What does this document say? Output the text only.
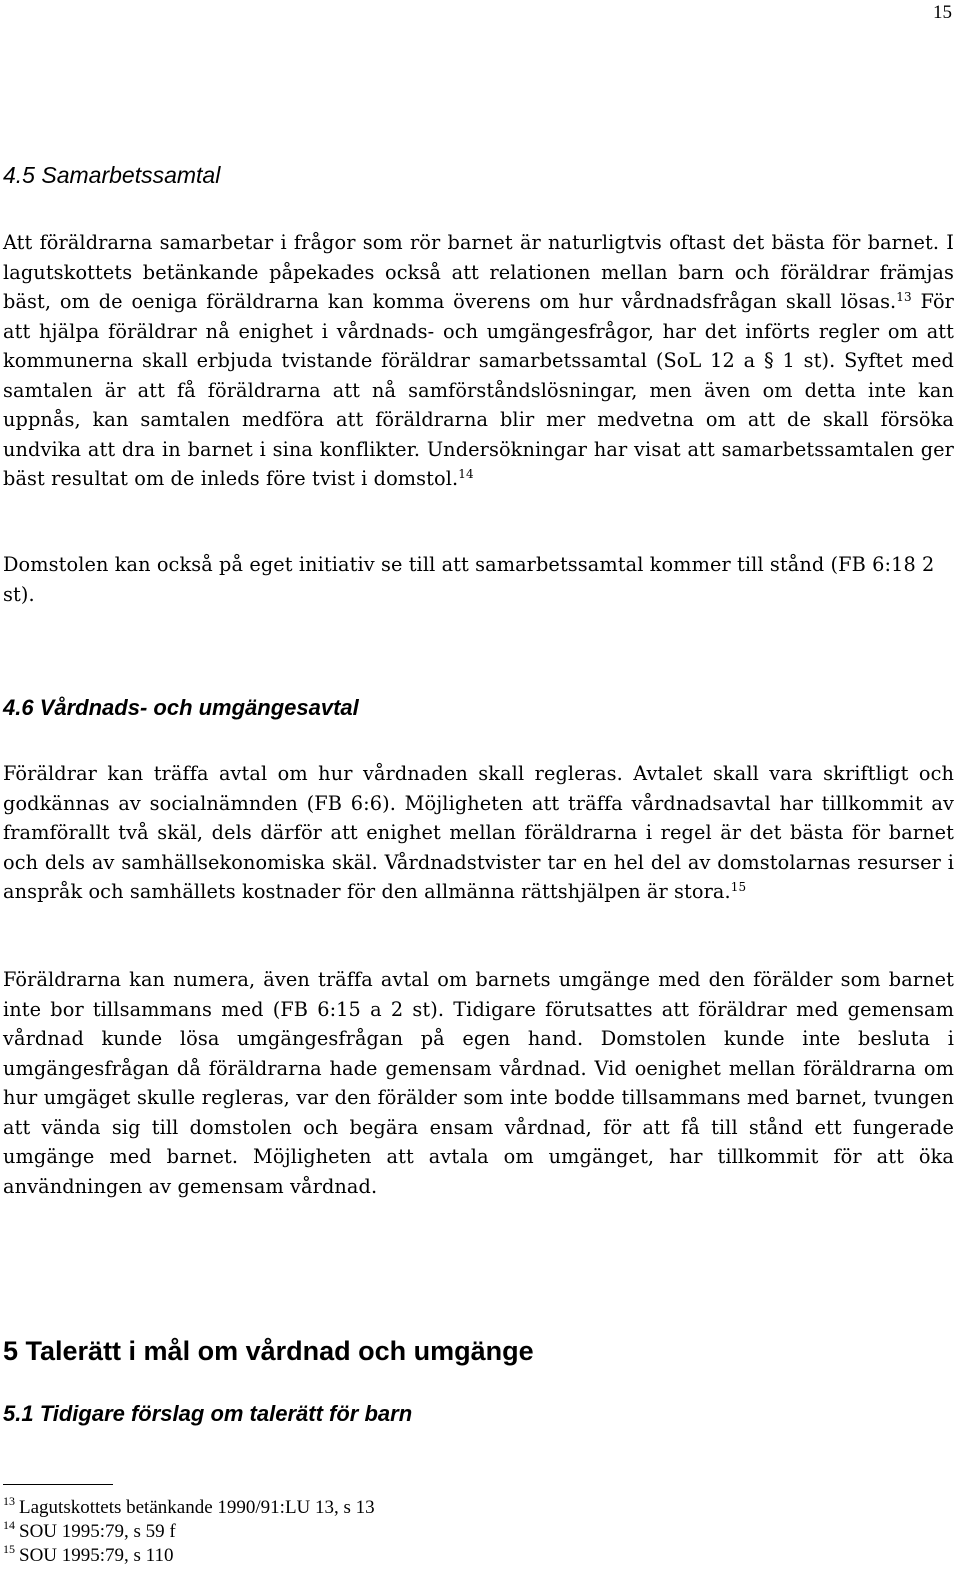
15
4.5 Samarbetssamtal

Att föräldrarna samarbetar i frågor som rör barnet är naturligtvis oftast det bästa för barnet. I lagutskottets betänkande påpekades också att relationen mellan barn och föräldrar främjas bäst, om de oeniga föräldrarna kan komma överens om hur vårdnadsfrågan skall lösas.$^{13}$ För att hjälpa föräldrar nå enighet i vårdnads- och umgängesfrågor, har det införts regler om att kommunerna skall erbjuda tvistande föräldrar samarbetssamtal (SoL 12 a § 1 st). Syftet med samtalen är att få föräldrarna att nå samförståndslösningar, men även om detta inte kan uppnås, kan samtalen medföra att föräldrarna blir mer medvetna om att de skall försöka undvika att dra in barnet i sina konflikter. Undersökningar har visat att samarbetssamtalen ger bäst resultat om de inleds före tvist i domstol.$^{14}$

Domstolen kan också på eget initiativ se till att samarbetssamtal kommer till stånd (FB 6:18 2 st).

4.6 Vårdnads- och umgängesavtal

Föräldrar kan träffa avtal om hur vårdnaden skall regleras. Avtalet skall vara skriftligt och godkännas av socialnämnden (FB 6:6). Möjligheten att träffa vårdnadsavtal har tillkommit av framförallt två skäl, dels därför att enighet mellan föräldrarna i regel är det bästa för barnet och dels av samhällsekonomiska skäl. Vårdnadstvister tar en hel del av domstolarnas resurser i anspråk och samhällets kostnader för den allmänna rättshjälpen är stora.$^{15}$

Föräldrarna kan numera, även träffa avtal om barnets umgänge med den förälder som barnet inte bor tillsammans med (FB 6:15 a 2 st). Tidigare förutsattes att föräldrar med gemensam vårdnad kunde lösa umgängesfrågan på egen hand. Domstolen kunde inte besluta i umgängesfrågan då föräldrarna hade gemensam vårdnad. Vid oenighet mellan föräldrarna om hur umgäget skulle regleras, var den förälder som inte bodde tillsammans med barnet, tvungen att vända sig till domstolen och begära ensam vårdnad, för att få till stånd ett fungerade umgänge med barnet. Möjligheten att avtala om umgänget, har tillkommit för att öka användningen av gemensam vårdnad.

5 Talerätt i mål om vårdnad och umgänge
5.1 Tidigare förslag om talerätt för barn
$^{13}$ Lagutskottets betänkande 1990/91:LU 13, s 13
$^{14}$ SOU 1995:79, s 59 f
$^{15}$ SOU 1995:79, s 110
